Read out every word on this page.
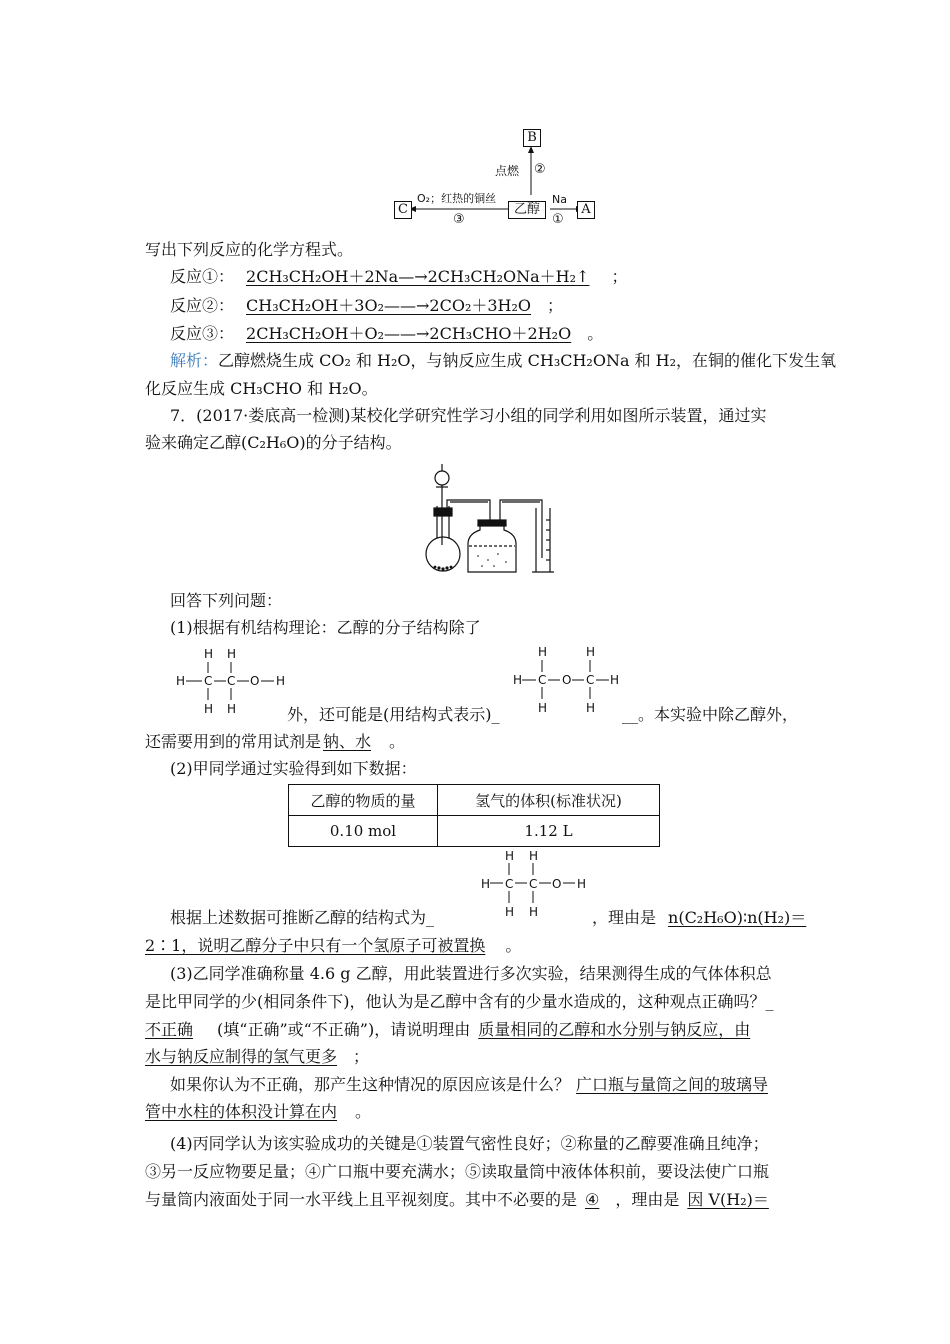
B
点燃 ②
C
O₂；红热的铜丝
③
乙醇
Na
①
A
写出下列反应的化学方程式。
反应①： 2CH₃CH₂OH＋2Na—→2CH₃CH₂ONa＋H₂↑ ；
反应②： CH₃CH₂OH＋3O₂——→2CO₂＋3H₂O ；
反应③： 2CH₃CH₂OH＋O₂——→2CH₃CHO＋2H₂O 。
解析：乙醇燃烧生成 CO₂ 和 H₂O，与钠反应生成 CH₃CH₂ONa 和 H₂，在铜的催化下发生氧
化反应生成 CH₃CHO 和 H₂O。
7．(2017·娄底高一检测)某校化学研究性学习小组的同学利用如图所示装置，通过实
验来确定乙醇(C₂H₆O)的分子结构。
回答下列问题：
(1)根据有机结构理论：乙醇的分子结构除了
H H
H C C O H
H H	外，还可能是(用结构式表示)_
H	H
H C O C H
H	H __。本实验中除乙醇外，
还需要用到的常用试剂是 钠、水 。
(2)甲同学通过实验得到如下数据：
乙醇的物质的量	氢气的体积(标准状况)
0.10 mol	1.12 L
H H
H C C O H
H H
根据上述数据可推断乙醇的结构式为_	，理由是 n(C₂H₆O)∶n(H₂)＝
2∶1，说明乙醇分子中只有一个氢原子可被置换 。
(3)乙同学准确称量 4.6 g 乙醇，用此装置进行多次实验，结果测得生成的气体体积总
是比甲同学的少(相同条件下)，他认为是乙醇中含有的少量水造成的，这种观点正确吗？_
不正确 (填“正确”或“不正确”)，请说明理由 质量相同的乙醇和水分别与钠反应，由
水与钠反应制得的氢气更多 ；
如果你认为不正确，那产生这种情况的原因应该是什么？ 广口瓶与量筒之间的玻璃导
管中水柱的体积没计算在内 。
(4)丙同学认为该实验成功的关键是①装置气密性良好；②称量的乙醇要准确且纯净；
③另一反应物要足量；④广口瓶中要充满水；⑤读取量筒中液体体积前，要设法使广口瓶
与量筒内液面处于同一水平线上且平视刻度。其中不必要的是 ④ ，理由是 因 V(H₂)＝
